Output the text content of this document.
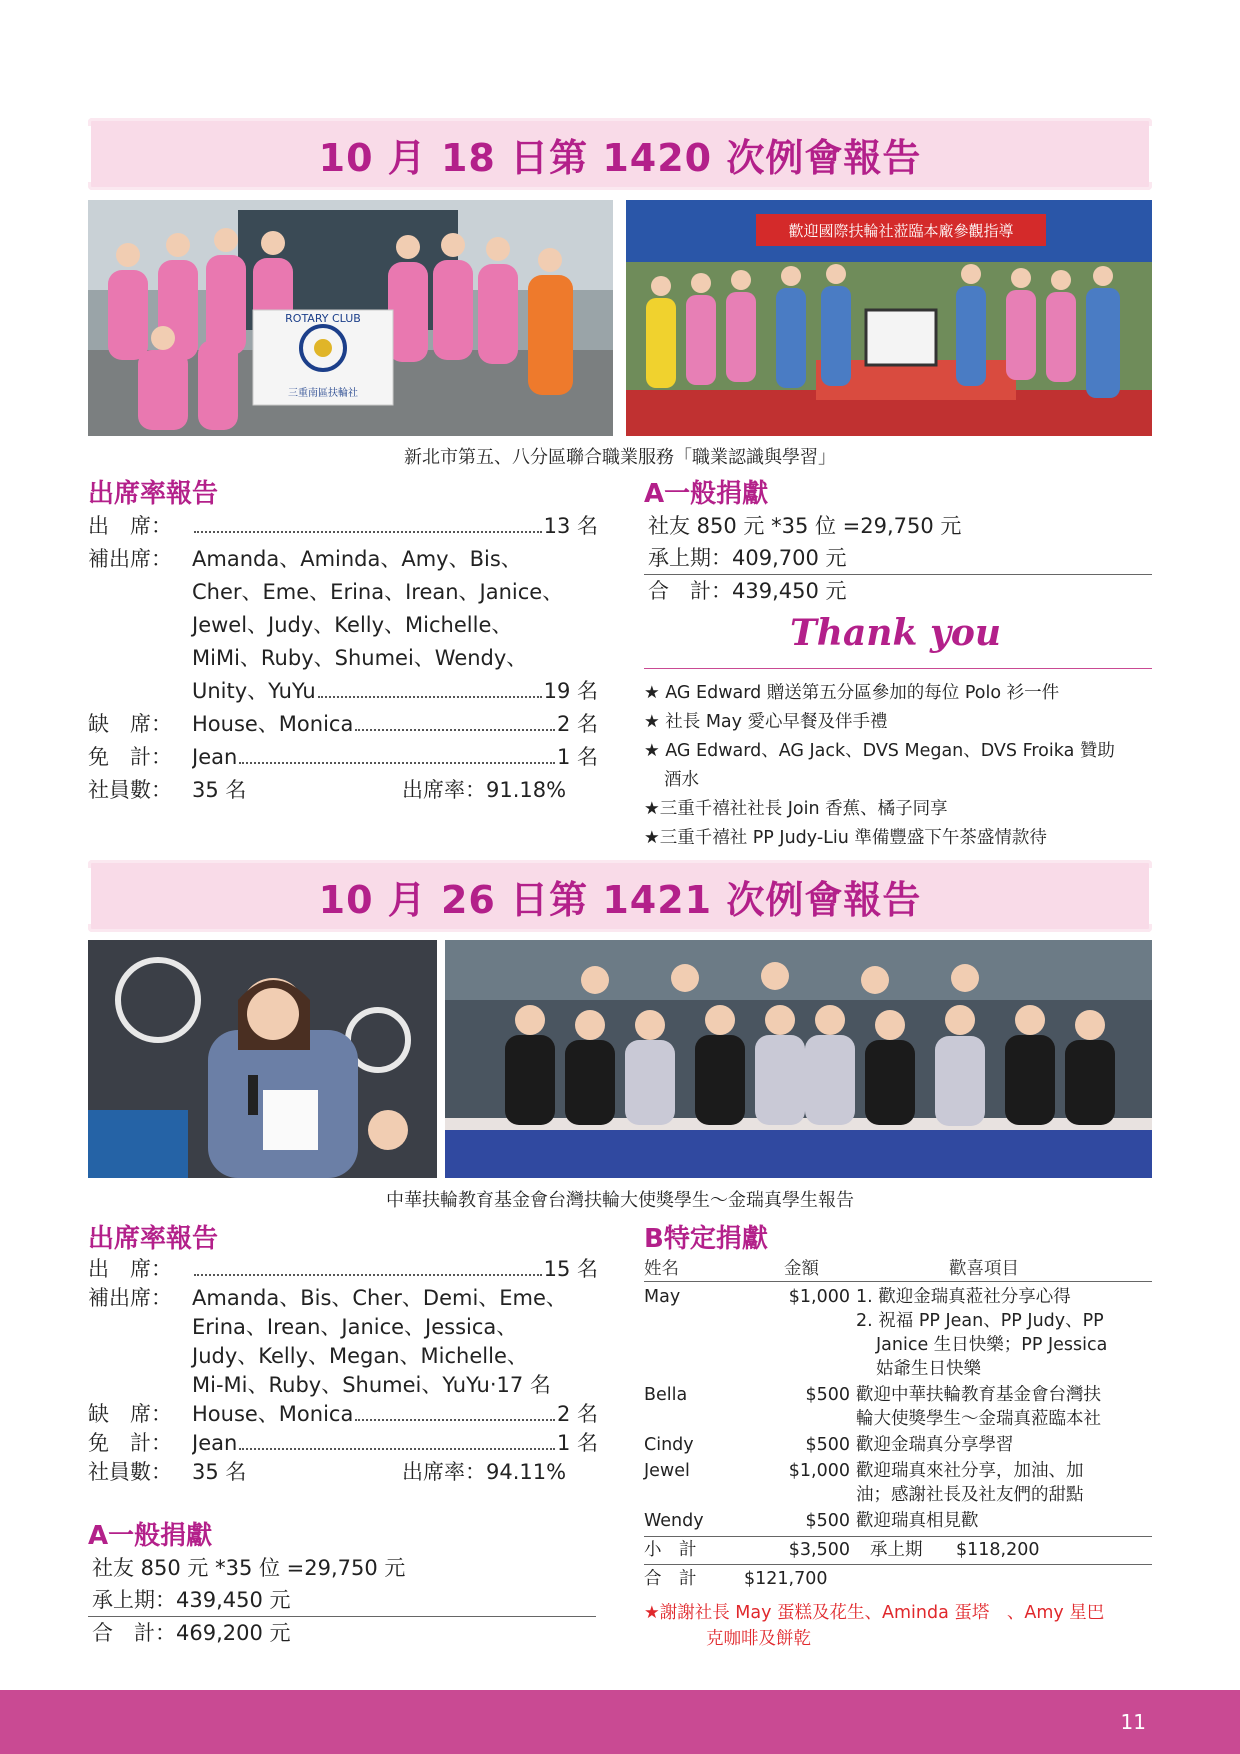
10 月 18 日第 1420 次例會報告
ROTARY CLUB
三重南區扶輪社
歡迎國際扶輪社蒞臨本廠參觀指導
新北市第五、八分區聯合職業服務「職業認識與學習」
出席率報告
出　席：	13 名
補出席： Amanda、Aminda、Amy、Bis、
Cher、Eme、Erina、Irean、Janice、
Jewel、Judy、Kelly、Michelle、
MiMi、Ruby、Shumei、Wendy、
Unity、YuYu	19 名
缺　席： House、Monica	2 名
免　計： Jean	1 名
社員數： 35 名	出席率： 91.18%
A一般捐獻
社友 850 元 *35 位 =29,750 元
承上期：409,700 元
合　計：439,450 元
Thank you
★ AG Edward 贈送第五分區參加的每位 Polo 衫一件
★ 社長 May 愛心早餐及伴手禮
★ AG Edward、AG Jack、DVS Megan、DVS Froika 贊助
酒水
★三重千禧社社長 Join 香蕉、橘子同享
★三重千禧社 PP Judy-Liu 準備豐盛下午茶盛情款待
10 月 26 日第 1421 次例會報告
中華扶輪教育基金會台灣扶輪大使獎學生～金瑞真學生報告
出席率報告
出　席：	15 名
補出席： Amanda、Bis、Cher、Demi、Eme、
Erina、Irean、Janice、Jessica、
Judy、Kelly、Megan、Michelle、
Mi-Mi、Ruby、Shumei、YuYu‧17 名
缺　席： House、Monica	2 名
免　計： Jean	1 名
社員數： 35 名	出席率： 94.11%
A一般捐獻
社友 850 元 *35 位 =29,750 元
承上期：439,450 元
合　計：469,200 元
B特定捐獻
姓名	金額	歡喜項目
May	$1,000 1. 歡迎金瑞真蒞社分享心得
2. 祝福 PP Jean、PP Judy、PP
Janice 生日快樂；PP Jessica
姑爺生日快樂
Bella	$500 歡迎中華扶輪教育基金會台灣扶
輪大使獎學生～金瑞真蒞臨本社
Cindy	$500 歡迎金瑞真分享學習
Jewel	$1,000 歡迎瑞真來社分享，加油、加
油；感謝社長及社友們的甜點
Wendy	$500 歡迎瑞真相見歡
小　計	$3,500	承上期	$118,200
合　計	$121,700
★謝謝社長 May 蛋糕及花生、Aminda 蛋塔　、Amy 星巴
克咖啡及餅乾
11
